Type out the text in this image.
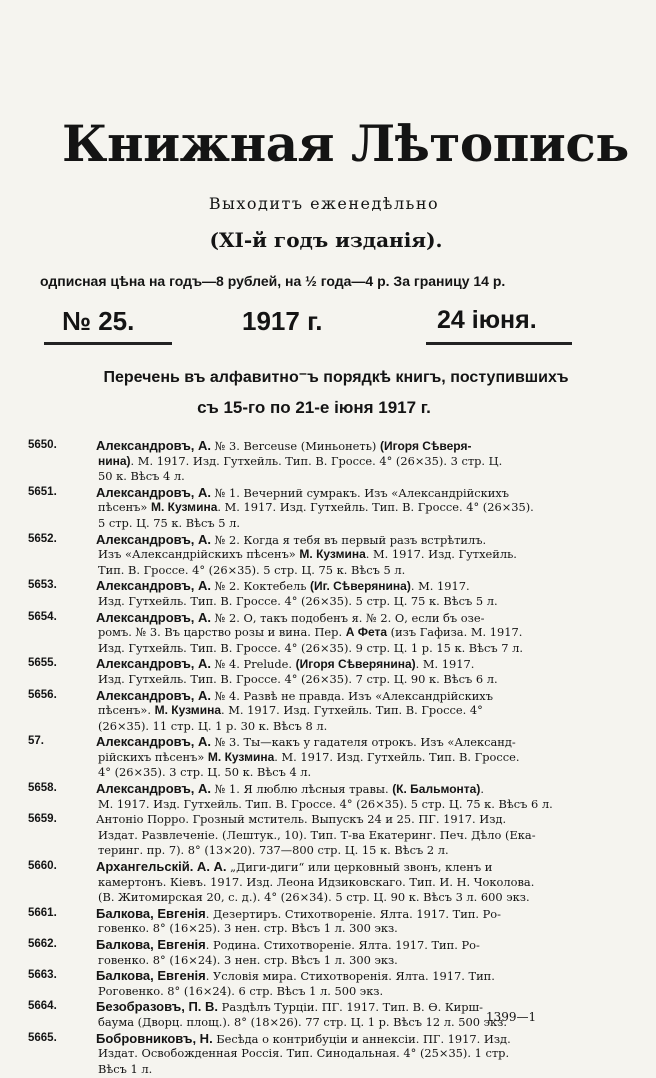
Книжная Лѣтопись
Выходитъ еженедѣльно
(XI-й годъ изданія).
одписная цѣна на годъ—8 рублей, на ½ года—4 р. За границу 14 р.
№ 25.	1917 г.	24 іюня.
Перечень въ алфавитно⁻ъ порядкѣ книгъ, поступившихъ
съ 15-го по 21-е іюня 1917 г.
5650.	Александровъ, А. № 3. Berceuse (Миньонеть) (Игоря Сѣверя-
нина). М. 1917. Изд. Гутхейль. Тип. В. Гроссе. 4° (26×35). 3 стр. Ц.
50 к. Вѣсъ 4 л.
5651.	Александровъ, А. № 1. Вечерний сумракъ. Изъ «Александрійскихъ
пѣсенъ» М. Кузмина. М. 1917. Изд. Гутхейль. Тип. В. Гроссе. 4° (26×35).
5 стр. Ц. 75 к. Вѣсъ 5 л.
5652.	Александровъ, А. № 2. Когда я тебя въ первый разъ встрѣтилъ.
Изъ «Александрійскихъ пѣсенъ» М. Кузмина. М. 1917. Изд. Гутхейль.
Тип. В. Гроссе. 4° (26×35). 5 стр. Ц. 75 к. Вѣсъ 5 л.
5653.	Александровъ, А. № 2. Коктебель (Иг. Сѣверянина). М. 1917.
Изд. Гутхейль. Тип. В. Гроссе. 4° (26×35). 5 стр. Ц. 75 к. Вѣсъ 5 л.
5654.	Александровъ, А. № 2. О, такъ подобенъ я. № 2. О, если бъ озе-
ромъ. № 3. Въ царство розы и вина. Пер. А Фета (изъ Гафиза. М. 1917.
Изд. Гутхейль. Тип. В. Гроссе. 4° (26×35). 9 стр. Ц. 1 р. 15 к. Вѣсъ 7 л.
5655.	Александровъ, А. № 4. Prelude. (Игоря Сѣверянина). М. 1917.
Изд. Гутхейль. Тип. В. Гроссе. 4° (26×35). 7 стр. Ц. 90 к. Вѣсъ 6 л.
5656.	Александровъ, А. № 4. Развѣ не правда. Изъ «Александрійскихъ
пѣсенъ». М. Кузмина. М. 1917. Изд. Гутхейль. Тип. В. Гроссе. 4°
(26×35). 11 стр. Ц. 1 р. 30 к. Вѣсъ 8 л.
57.	Александровъ, А. № 3. Ты—какъ у гадателя отрокъ. Изъ «Александ-
рійскихъ пѣсенъ» М. Кузмина. М. 1917. Изд. Гутхейль. Тип. В. Гроссе.
4° (26×35). 3 стр. Ц. 50 к. Вѣсъ 4 л.
5658.	Александровъ, А. № 1. Я люблю лѣсныя травы. (К. Бальмонта).
М. 1917. Изд. Гутхейль. Тип. В. Гроссе. 4° (26×35). 5 стр. Ц. 75 к. Вѣсъ 6 л.
5659.	Антоніо Порро. Грозный мститель. Выпускъ 24 и 25. ПГ. 1917. Изд.
Издат. Развлеченіе. (Лештук., 10). Тип. Т-ва Екатеринг. Печ. Дѣло (Ека-
теринг. пр. 7). 8° (13×20). 737—800 стр. Ц. 15 к. Вѣсъ 2 л.
5660.	Архангельскій. А. А. „Диги-диги“ или церковный звонъ, кленъ и
камертонъ. Кіевъ. 1917. Изд. Леона Идзиковскаго. Тип. И. Н. Чоколова.
(В. Житомирская 20, с. д.). 4° (26×34). 5 стр. Ц. 90 к. Вѣсъ 3 л. 600 экз.
5661.	Балкова, Евгенія. Дезертиръ. Стихотвореніе. Ялта. 1917. Тип. Ро-
говенко. 8° (16×25). 3 нен. стр. Вѣсъ 1 л. 300 экз.
5662.	Балкова, Евгенія. Родина. Стихотвореніе. Ялта. 1917. Тип. Ро-
говенко. 8° (16×24). 3 нен. стр. Вѣсъ 1 л. 300 экз.
5663.	Балкова, Евгенія. Условія мира. Стихотворенія. Ялта. 1917. Тип.
Роговенко. 8° (16×24). 6 стр. Вѣсъ 1 л. 500 экз.
5664.	Безобразовъ, П. В. Раздѣлъ Турціи. ПГ. 1917. Тип. В. Ѳ. Кирш-
баума (Дворц. площ.). 8° (18×26). 77 стр. Ц. 1 р. Вѣсъ 12 л. 500 экз.
5665.	Бобровниковъ, Н. Бесѣда о контрибуціи и аннексіи. ПГ. 1917. Изд.
Издат. Освобожденная Россія. Тип. Синодальная. 4° (25×35). 1 стр.
Вѣсъ 1 л.
1399—1
